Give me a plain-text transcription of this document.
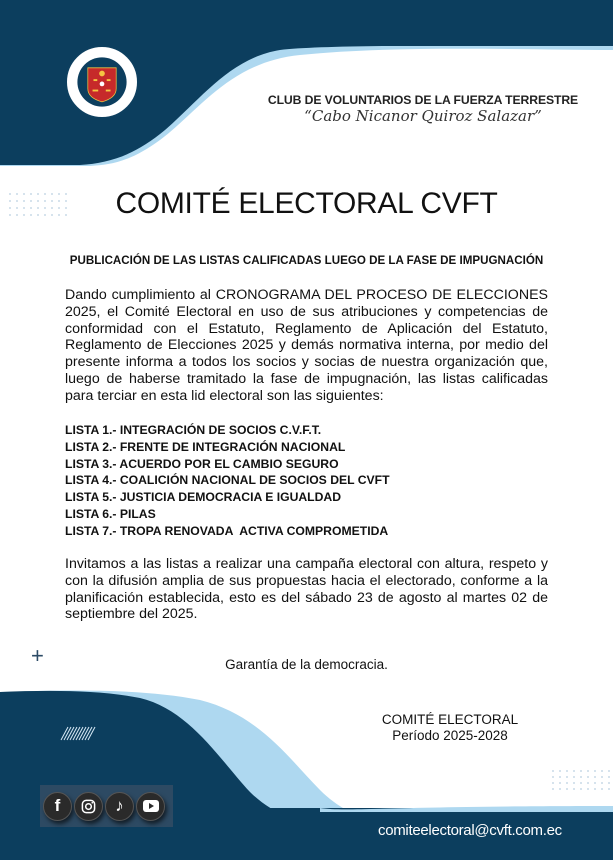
CLUB DE VOLUNTARIOS DE LA FUERZA TERRESTRE
“Cabo Nicanor Quiroz Salazar”
COMITÉ ELECTORAL CVFT
PUBLICACIÓN DE LAS LISTAS CALIFICADAS LUEGO DE LA FASE DE IMPUGNACIÓN
Dando cumplimiento al CRONOGRAMA DEL PROCESO DE ELECCIONES 2025, el Comité Electoral en uso de sus atribuciones y competencias de conformidad con el Estatuto, Reglamento de Aplicación del Estatuto, Reglamento de Elecciones 2025 y demás normativa interna, por medio del presente informa a todos los socios y socias de nuestra organización que, luego de haberse tramitado la fase de impugnación, las listas calificadas para terciar en esta lid electoral son las siguientes:
LISTA 1.- INTEGRACIÓN DE SOCIOS C.V.F.T.
LISTA 2.- FRENTE DE INTEGRACIÓN NACIONAL
LISTA 3.- ACUERDO POR EL CAMBIO SEGURO
LISTA 4.- COALICIÓN NACIONAL DE SOCIOS DEL CVFT
LISTA 5.- JUSTICIA DEMOCRACIA E IGUALDAD
LISTA 6.- PILAS
LISTA 7.- TROPA RENOVADA  ACTIVA COMPROMETIDA
Invitamos a las listas a realizar una campaña electoral con altura, respeto y con la difusión amplia de sus propuestas hacia el electorado, conforme a la planificación establecida, esto es del sábado 23 de agosto al martes 02 de septiembre del 2025.
+	Garantía de la democracia.
COMITÉ ELECTORAL
Período 2025-2028
f	♪
comiteelectoral@cvft.com.ec
